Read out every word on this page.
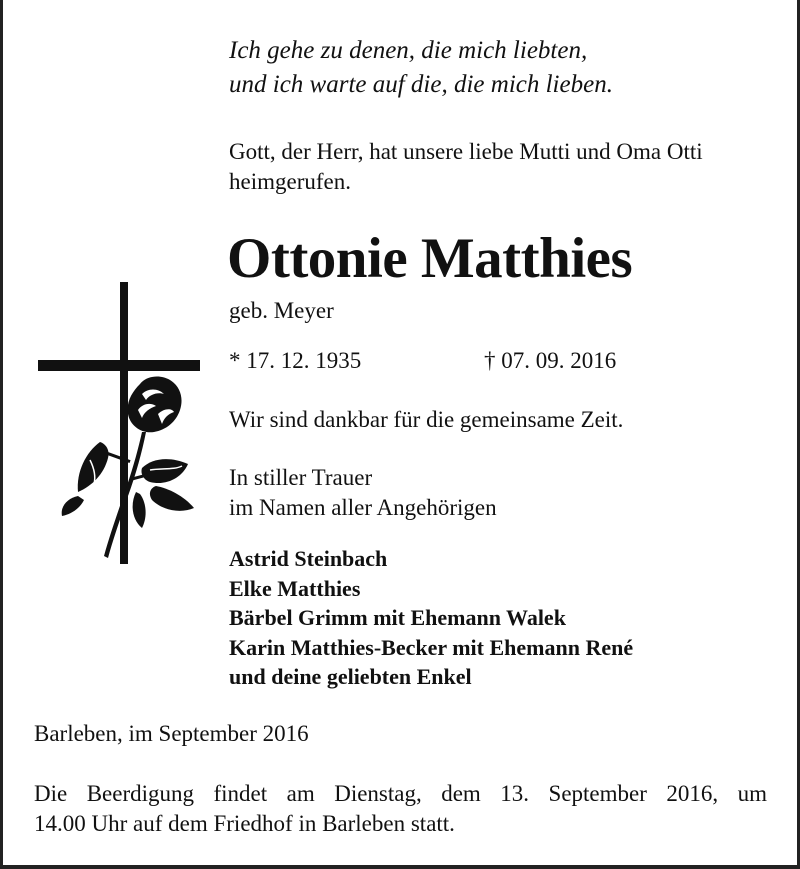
Ich gehe zu denen, die mich liebten,
und ich warte auf die, die mich lieben.
Gott, der Herr, hat unsere liebe Mutti und Oma Otti
heimgerufen.
Ottonie Matthies
geb. Meyer
* 17. 12. 1935	† 07. 09. 2016
Wir sind dankbar für die gemeinsame Zeit.
In stiller Trauer
im Namen aller Angehörigen
Astrid Steinbach
Elke Matthies
Bärbel Grimm mit Ehemann Walek
Karin Matthies-Becker mit Ehemann René
und deine geliebten Enkel
Barleben, im September 2016
Die Beerdigung findet am Dienstag, dem 13. September 2016, um
14.00 Uhr auf dem Friedhof in Barleben statt.
